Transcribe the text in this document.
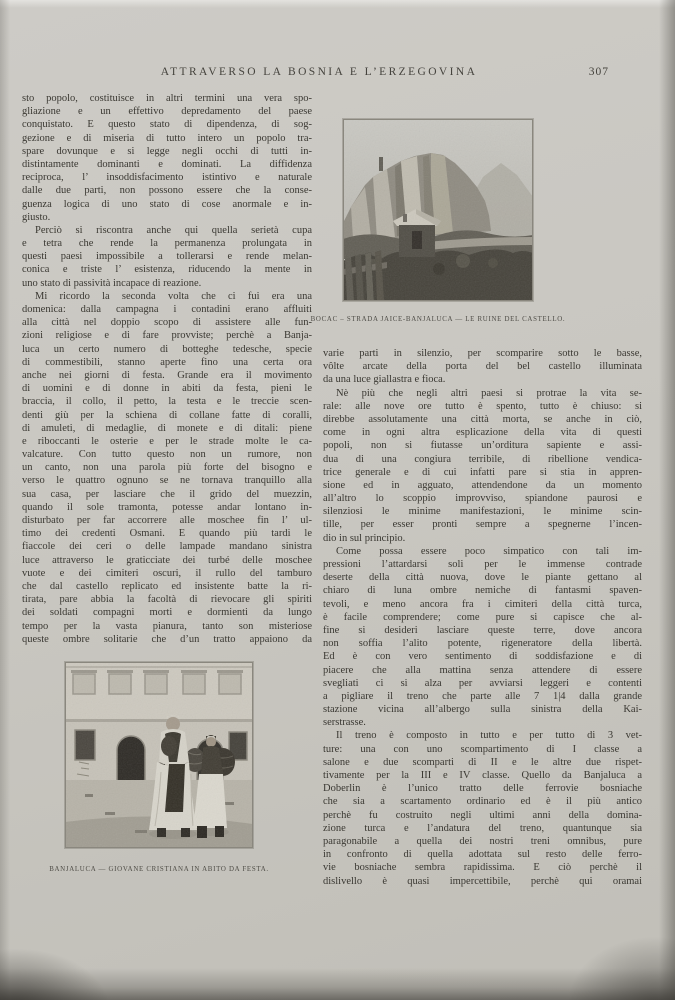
ATTRAVERSO LA BOSNIA E L’ERZEGOVINA	307
sto popolo, costituisce in altri termini una vera spo-
gliazione e un effettivo depredamento del paese
conquistato. E questo stato di dipendenza, di sog-
gezione e di miseria di tutto intero un popolo tra-
spare dovunque e si legge negli occhi di tutti in-
distintamente dominanti e dominati. La diffidenza
reciproca, l’ insoddisfacimento istintivo e naturale
dalle due parti, non possono essere che la conse-
guenza logica di uno stato di cose anormale e in-
giusto.
Perciò si riscontra anche qui quella serietà cupa
e tetra che rende la permanenza prolungata in
questi paesi impossibile a tollerarsi e rende melan-
conica e triste l’ esistenza, riducendo la mente in
uno stato di passività incapace di reazione.
Mi ricordo la seconda volta che ci fui era una
domenica: dalla campagna i contadini erano affluiti
alla città nel doppio scopo di assistere alle fun-
zioni religiose e di fare provviste; perchè a Banja-
luca un certo numero di botteghe tedesche, specie
di commestibili, stanno aperte fino una certa ora
anche nei giorni di festa. Grande era il movimento
di uomini e di donne in abiti da festa, pieni le
braccia, il collo, il petto, la testa e le treccie scen-
denti giù per la schiena di collane fatte di coralli,
di amuleti, di medaglie, di monete e di ditali: piene
e riboccanti le osterie e per le strade molte le ca-
valcature. Con tutto questo non un rumore, non
un canto, non una parola più forte del bisogno e
verso le quattro ognuno se ne tornava tranquillo alla
sua casa, per lasciare che il grido del muezzin,
quando il sole tramonta, potesse andar lontano in-
disturbato per far accorrere alle moschee fin l’ ul-
timo dei credenti Osmani. E quando più tardi le
fiaccole dei ceri o delle lampade mandano sinistra
luce attraverso le graticciate dei turbé delle moschee
vuote e dei cimiteri oscuri, il rullo del tamburo
che dal castello replicato ed insistente batte la ri-
tirata, pare abbia la facoltà di rievocare gli spiriti
dei soldati compagni morti e dormienti da lungo
tempo per la vasta pianura, tanto son misteriose
queste ombre solitarie che d’un tratto appaiono da
BOCAC – STRADA JAICE-BANJALUCA — LE RUINE DEL CASTELLO.
varie parti in silenzio, per scomparire sotto le basse,
vôlte arcate della porta del bel castello illuminata
da una luce giallastra e fioca.
Nè più che negli altri paesi si protrae la vita se-
rale: alle nove ore tutto è spento, tutto è chiuso: si
direbbe assolutamente una città morta, se anche in ciò,
come in ogni altra esplicazione della vita di questi
popoli, non si fiutasse un’orditura sapiente e assi-
dua di una congiura terribile, di ribellione vendica-
trice generale e di cui infatti pare si stia in appren-
sione ed in agguato, attendendone da un momento
all’altro lo scoppio improvviso, spiandone paurosi e
silenziosi le minime manifestazioni, le minime scin-
tille, per esser pronti sempre a spegnerne l’incen-
dio in sul principio.
Come possa essere poco simpatico con tali im-
pressioni l’attardarsi soli per le immense contrade
deserte della città nuova, dove le piante gettano al
chiaro di luna ombre nemiche di fantasmi spaven-
tevoli, e meno ancora fra i cimiteri della città turca,
è facile comprendere; come pure si capisce che al-
fine si desideri lasciare queste terre, dove ancora
non soffia l’alito potente, rigeneratore della libertà.
Ed è con vero sentimento di soddisfazione e di
piacere che alla mattina senza attendere di essere
svegliati ci si alza per avviarsi leggeri e contenti
a pigliare il treno che parte alle 7 1|4 dalla grande
stazione vicina all’albergo sulla sinistra della Kai-
serstrasse.
Il treno è composto in tutto e per tutto di 3 vet-
ture: una con uno scompartimento di I classe a
salone e due scomparti di II e le altre due rispet-
tivamente per la III e IV classe. Quello da Banjaluca a
Doberlin è l’unico tratto delle ferrovie bosniache
che sia a scartamento ordinario ed è il più antico
perchè fu costruito negli ultimi anni della domina-
zione turca e l’andatura del treno, quantunque sia
paragonabile a quella dei nostri treni omnibus, pure
in confronto di quella adottata sul resto delle ferro-
vie bosniache sembra rapidissima. E ciò perchè il
dislivello è quasi impercettibile, perchè qui oramai
BANJALUCA — GIOVANE CRISTIANA IN ABITO DA FESTA.
